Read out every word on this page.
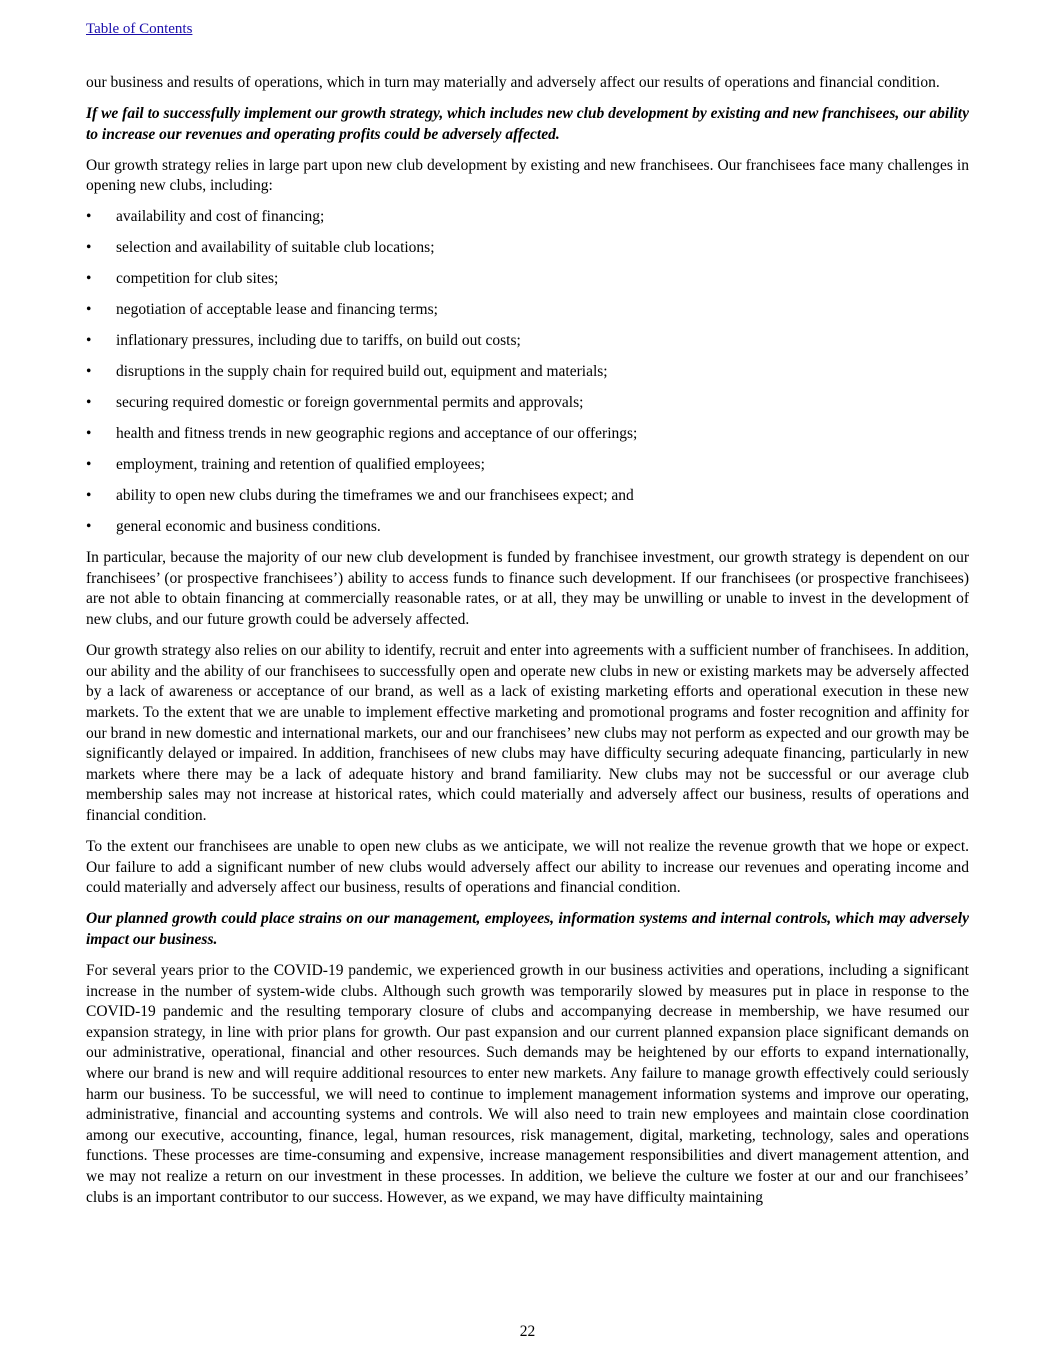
Table of Contents

our business and results of operations, which in turn may materially and adversely affect our results of operations and financial condition.

If we fail to successfully implement our growth strategy, which includes new club development by existing and new franchisees, our ability to increase our revenues and operating profits could be adversely affected.

Our growth strategy relies in large part upon new club development by existing and new franchisees. Our franchisees face many challenges in opening new clubs, including:

• availability and cost of financing;
• selection and availability of suitable club locations;
• competition for club sites;
• negotiation of acceptable lease and financing terms;
• inflationary pressures, including due to tariffs, on build out costs;
• disruptions in the supply chain for required build out, equipment and materials;
• securing required domestic or foreign governmental permits and approvals;
• health and fitness trends in new geographic regions and acceptance of our offerings;
• employment, training and retention of qualified employees;
• ability to open new clubs during the timeframes we and our franchisees expect; and
• general economic and business conditions.

In particular, because the majority of our new club development is funded by franchisee investment, our growth strategy is dependent on our franchisees’ (or prospective franchisees’) ability to access funds to finance such development. If our franchisees (or prospective franchisees) are not able to obtain financing at commercially reasonable rates, or at all, they may be unwilling or unable to invest in the development of new clubs, and our future growth could be adversely affected.

Our growth strategy also relies on our ability to identify, recruit and enter into agreements with a sufficient number of franchisees. In addition, our ability and the ability of our franchisees to successfully open and operate new clubs in new or existing markets may be adversely affected by a lack of awareness or acceptance of our brand, as well as a lack of existing marketing efforts and operational execution in these new markets. To the extent that we are unable to implement effective marketing and promotional programs and foster recognition and affinity for our brand in new domestic and international markets, our and our franchisees’ new clubs may not perform as expected and our growth may be significantly delayed or impaired. In addition, franchisees of new clubs may have difficulty securing adequate financing, particularly in new markets where there may be a lack of adequate history and brand familiarity. New clubs may not be successful or our average club membership sales may not increase at historical rates, which could materially and adversely affect our business, results of operations and financial condition.

To the extent our franchisees are unable to open new clubs as we anticipate, we will not realize the revenue growth that we hope or expect. Our failure to add a significant number of new clubs would adversely affect our ability to increase our revenues and operating income and could materially and adversely affect our business, results of operations and financial condition.

Our planned growth could place strains on our management, employees, information systems and internal controls, which may adversely impact our business.

For several years prior to the COVID-19 pandemic, we experienced growth in our business activities and operations, including a significant increase in the number of system-wide clubs. Although such growth was temporarily slowed by measures put in place in response to the COVID-19 pandemic and the resulting temporary closure of clubs and accompanying decrease in membership, we have resumed our expansion strategy, in line with prior plans for growth. Our past expansion and our current planned expansion place significant demands on our administrative, operational, financial and other resources. Such demands may be heightened by our efforts to expand internationally, where our brand is new and will require additional resources to enter new markets. Any failure to manage growth effectively could seriously harm our business. To be successful, we will need to continue to implement management information systems and improve our operating, administrative, financial and accounting systems and controls. We will also need to train new employees and maintain close coordination among our executive, accounting, finance, legal, human resources, risk management, digital, marketing, technology, sales and operations functions. These processes are time-consuming and expensive, increase management responsibilities and divert management attention, and we may not realize a return on our investment in these processes. In addition, we believe the culture we foster at our and our franchisees’ clubs is an important contributor to our success. However, as we expand, we may have difficulty maintaining

22
